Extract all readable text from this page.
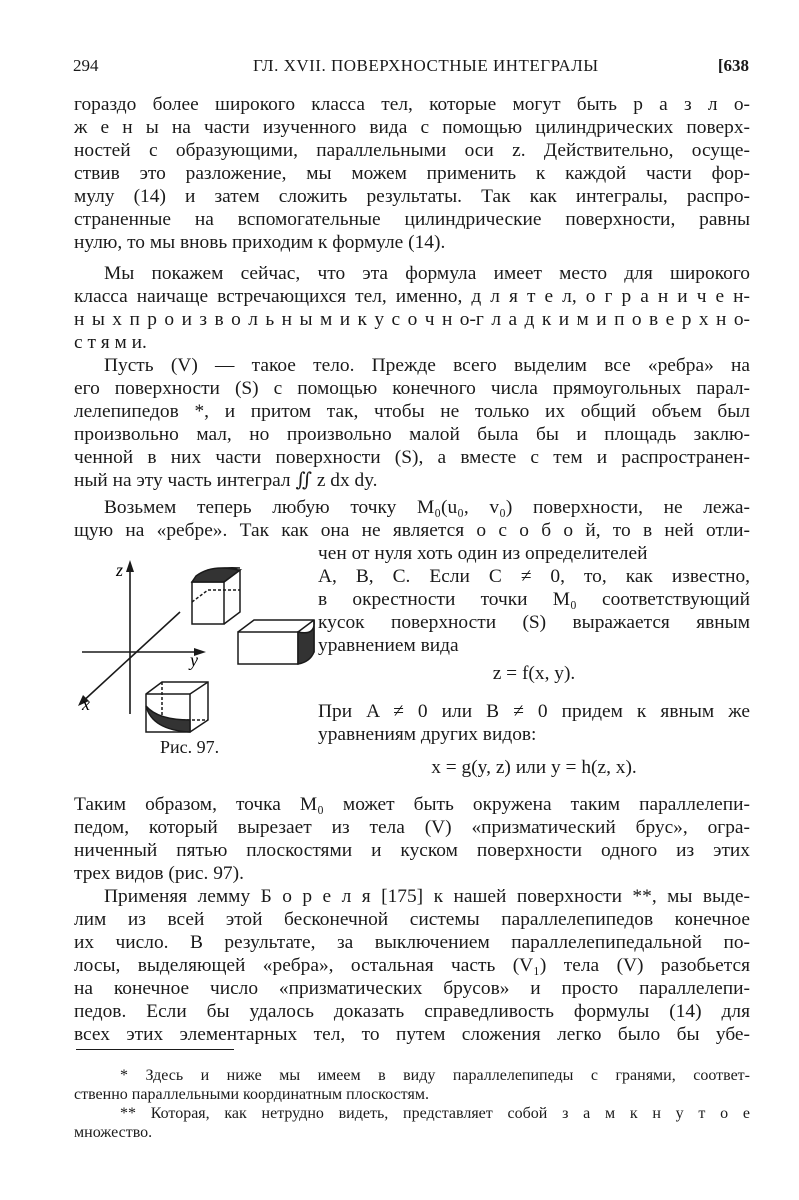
294	ГЛ. XVII. ПОВЕРХНОСТНЫЕ ИНТЕГРАЛЫ	[638
гораздо более широкого класса тел, которые могут быть р а з л о-
ж е н ы на части изученного вида с помощью цилиндрических поверх-
ностей с образующими, параллельными оси z. Действительно, осуще-
ствив это разложение, мы можем применить к каждой части фор-
мулу (14) и затем сложить результаты. Так как интегралы, распро-
страненные на вспомогательные цилиндрические поверхности, равны
нулю, то мы вновь приходим к формуле (14).
Мы покажем сейчас, что эта формула имеет место для широкого
класса наичаще встречающихся тел, именно, д л я т е л, о г р а н и ч е н-
н ы х п р о и з в о л ь н ы м и к у с о ч н о-г л а д к и м и п о в е р х н о-
с т я м и.
Пусть (V) — такое тело. Прежде всего выделим все «ребра» на
его поверхности (S) с помощью конечного числа прямоугольных парал-
лелепипедов *, и притом так, чтобы не только их общий объем был
произвольно мал, но произвольно малой была бы и площадь заклю-
ченной в них части поверхности (S), а вместе с тем и распространен-
ный на эту часть интеграл ∬ z dx dy.
Возьмем теперь любую точку M₀(u₀, v₀) поверхности, не лежа-
щую на «ребре». Так как она не является о с о б о й, то в ней отли-
чен от нуля хоть один из определителей
A, B, C. Если C ≠ 0, то, как известно,
в окрестности точки M₀ соответствующий
кусок поверхности (S) выражается явным
уравнением вида
z = f(x, y).
При A ≠ 0 или B ≠ 0 придем к явным же
уравнениям других видов:
x = g(y, z) или y = h(z, x).
Таким образом, точка M₀ может быть окружена таким параллелепи-
педом, который вырезает из тела (V) «призматический брус», огра-
ниченный пятью плоскостями и куском поверхности одного из этих
трех видов (рис. 97).
Применяя лемму Б о р е л я [175] к нашей поверхности **, мы выде-
лим из всей этой бесконечной системы параллелепипедов конечное
их число. В результате, за выключением параллелепипедальной по-
лосы, выделяющей «ребра», остальная часть (V₁) тела (V) разобьется
на конечное число «призматических брусов» и просто параллелепи-
педов. Если бы удалось доказать справедливость формулы (14) для
всех этих элементарных тел, то путем сложения легко было бы убе-
z
y
x
Рис. 97.
* Здесь и ниже мы имеем в виду параллелепипеды с гранями, соответ-
ственно параллельными координатным плоскостям.
** Которая, как нетрудно видеть, представляет собой з а м к н у т о е
множество.
